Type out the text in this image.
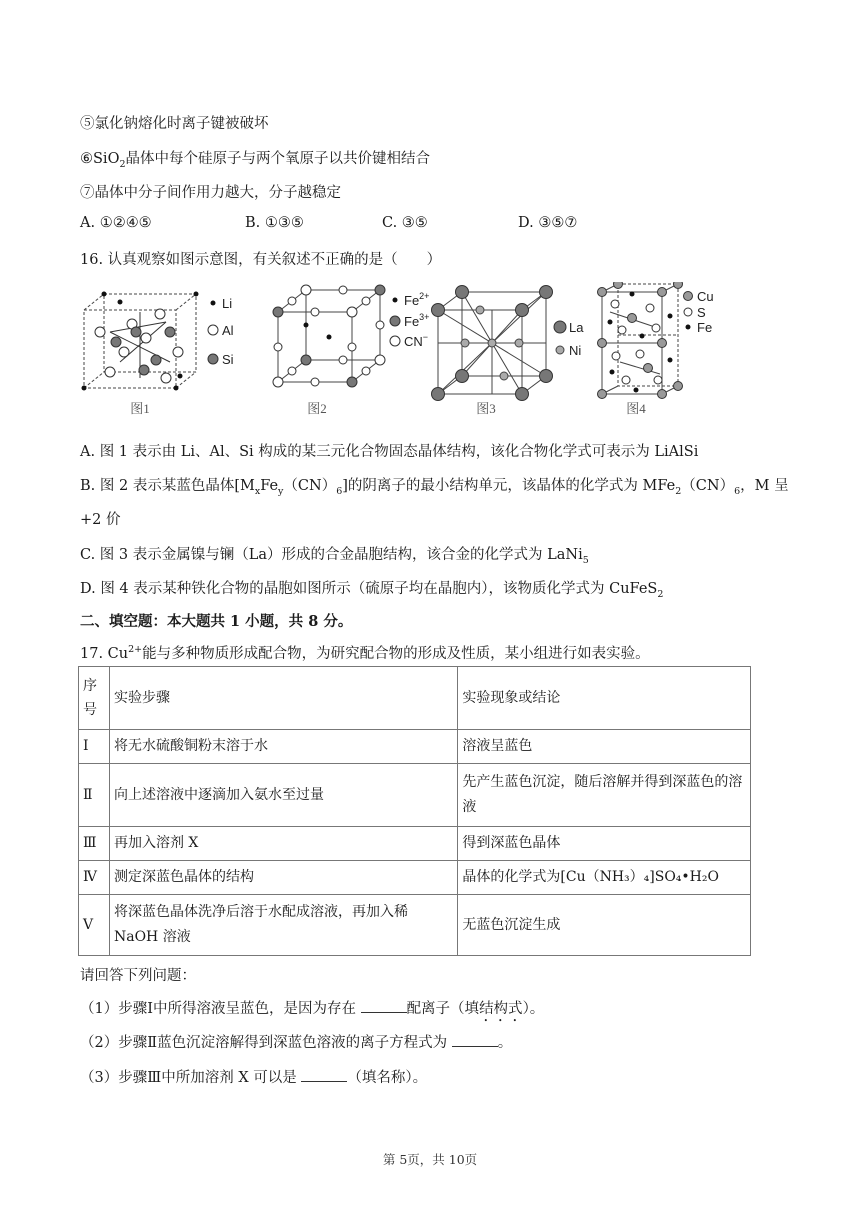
⑤氯化钠熔化时离子键被破坏
⑥SiO$_2$晶体中每个硅原子与两个氧原子以共价键相结合
⑦晶体中分子间作用力越大，分子越稳定
A. ①②④⑤	B. ①③⑤	C. ③⑤	D. ③⑤⑦
16. 认真观察如图示意图，有关叙述不正确的是（　　）
Li
Al
Si
图1
$Fe^{2+}$
$Fe^{3+}$
CN−
图2
La
Ni
图3
Cu
S
Fe
图4
A. 图 1 表示由 Li、Al、Si 构成的某三元化合物固态晶体结构，该化合物化学式可表示为 LiAlSi
B. 图 2 表示某蓝色晶体$[M_xFe_y(CN)_6]$的阴离子的最小结构单元，该晶体的化学式为 $MFe_2(CN)_6$，M 呈
+2 价
C. 图 3 表示金属镍与镧（La）形成的合金晶胞结构，该合金的化学式为 LaNi$_5$
D. 图 4 表示某种铁化合物的晶胞如图所示（硫原子均在晶胞内），该物质化学式为 CuFeS$_2$
二、填空题：本大题共 1 小题，共 8 分。
17. $Cu^{2+}$能与多种物质形成配合物，为研究配合物的形成及性质，某小组进行如表实验。
序
号	实验步骤	实验现象或结论
Ⅰ	将无水硫酸铜粉末溶于水	溶液呈蓝色
Ⅱ	向上述溶液中逐滴加入氨水至过量	先产生蓝色沉淀，随后溶解并得到深蓝色的溶液
Ⅲ	再加入溶剂 X	得到深蓝色晶体
Ⅳ	测定深蓝色晶体的结构	晶体的化学式为[Cu（NH₃）₄]SO₄•H₂O
Ⅴ	将深蓝色晶体洗净后溶于水配成溶液，再加入稀 NaOH 溶液	无蓝色沉淀生成
请回答下列问题：
（1）步骤Ⅰ中所得溶液呈蓝色，是因为存在	配离子（填结构式）。
（2）步骤Ⅱ蓝色沉淀溶解得到深蓝色溶液的离子方程式为	。
（3）步骤Ⅲ中所加溶剂 X 可以是	（填名称）。
第 5页，共 10页
